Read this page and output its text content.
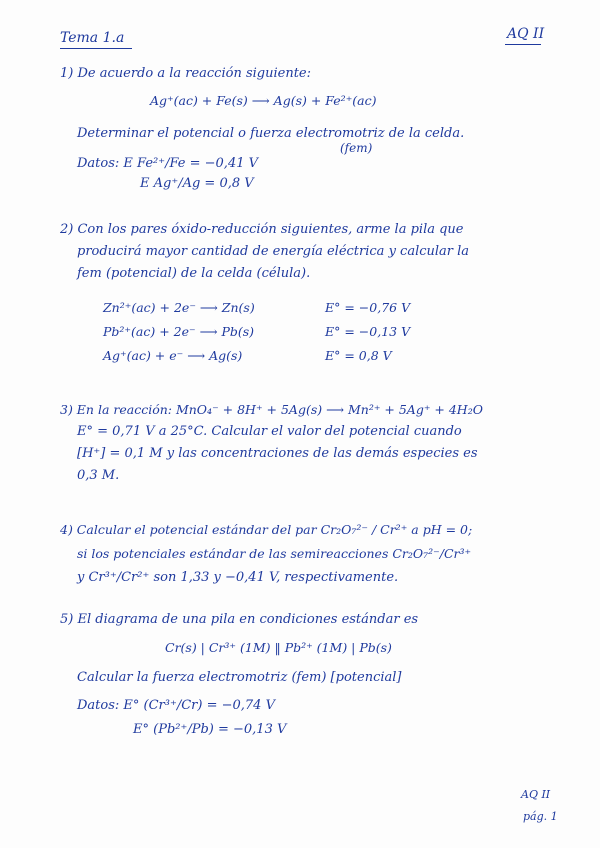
Tema 1.a	AQ II
1) De acuerdo a la reacción siguiente:
Ag⁺(ac) + Fe(s) ⟶ Ag(s) + Fe²⁺(ac)
Determinar el potencial o fuerza electromotriz de la celda.
(fem)
Datos: E Fe²⁺/Fe = −0,41 V
E Ag⁺/Ag = 0,8 V
2) Con los pares óxido-reducción siguientes, arme la pila que
producirá mayor cantidad de energía eléctrica y calcular la
fem (potencial) de la celda (célula).
Zn²⁺(ac) + 2e⁻ ⟶ Zn(s)	E° = −0,76 V
Pb²⁺(ac) + 2e⁻ ⟶ Pb(s)	E° = −0,13 V
Ag⁺(ac) + e⁻ ⟶ Ag(s)	E° = 0,8 V
3) En la reacción: MnO₄⁻ + 8H⁺ + 5Ag(s) ⟶ Mn²⁺ + 5Ag⁺ + 4H₂O
E° = 0,71 V a 25°C. Calcular el valor del potencial cuando
[H⁺] = 0,1 M y las concentraciones de las demás especies es
0,3 M.
4) Calcular el potencial estándar del par Cr₂O₇²⁻ / Cr²⁺ a pH = 0;
si los potenciales estándar de las semireacciones Cr₂O₇²⁻/Cr³⁺
y Cr³⁺/Cr²⁺ son 1,33 y −0,41 V, respectivamente.
5) El diagrama de una pila en condiciones estándar es
Cr(s) | Cr³⁺ (1M) ‖ Pb²⁺ (1M) | Pb(s)
Calcular la fuerza electromotriz (fem) [potencial]
Datos: E° (Cr³⁺/Cr) = −0,74 V
E° (Pb²⁺/Pb) = −0,13 V
AQ II
pág. 1
